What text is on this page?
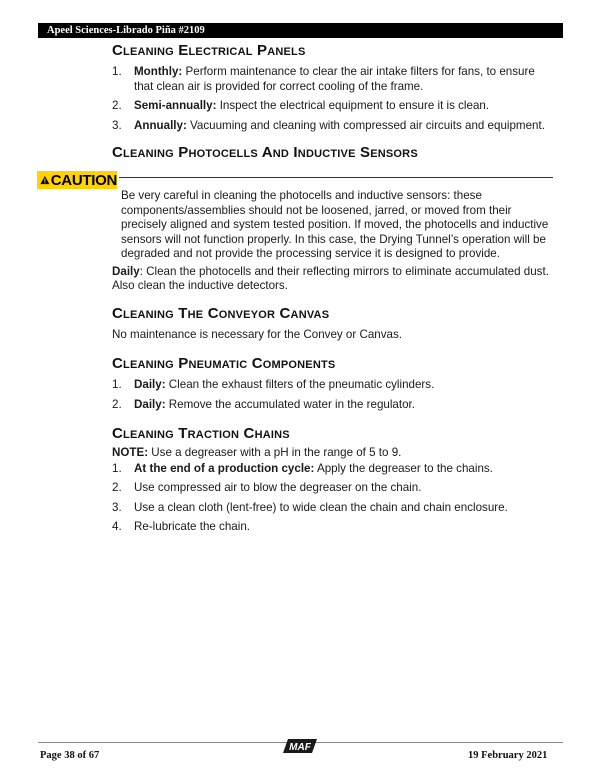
Apeel Sciences-Librado Piña #2109
Cleaning Electrical Panels
1. Monthly: Perform maintenance to clear the air intake filters for fans, to ensure that clean air is provided for correct cooling of the frame.
2. Semi-annually: Inspect the electrical equipment to ensure it is clean.
3. Annually: Vacuuming and cleaning with compressed air circuits and equipment.
Cleaning Photocells And Inductive Sensors

Be very careful in cleaning the photocells and inductive sensors: these components/assemblies should not be loosened, jarred, or moved from their precisely aligned and system tested position. If moved, the photocells and inductive sensors will not function properly. In this case, the Drying Tunnel’s operation will be degraded and not provide the processing service it is designed to provide.

Daily: Clean the photocells and their reflecting mirrors to eliminate accumulated dust. Also clean the inductive detectors.

Cleaning The Conveyor Canvas

No maintenance is necessary for the Convey or Canvas.

Cleaning Pneumatic Components
1. Daily: Clean the exhaust filters of the pneumatic cylinders.
2. Daily: Remove the accumulated water in the regulator.
Cleaning Traction Chains

NOTE: Use a degreaser with a pH in the range of 5 to 9.

1. At the end of a production cycle: Apply the degreaser to the chains.
2. Use compressed air to blow the degreaser on the chain.
3. Use a clean cloth (lent-free) to wide clean the chain and chain enclosure.
4. Re-lubricate the chain.
CAUTION
Page 38 of 67
MAF
19 February 2021
